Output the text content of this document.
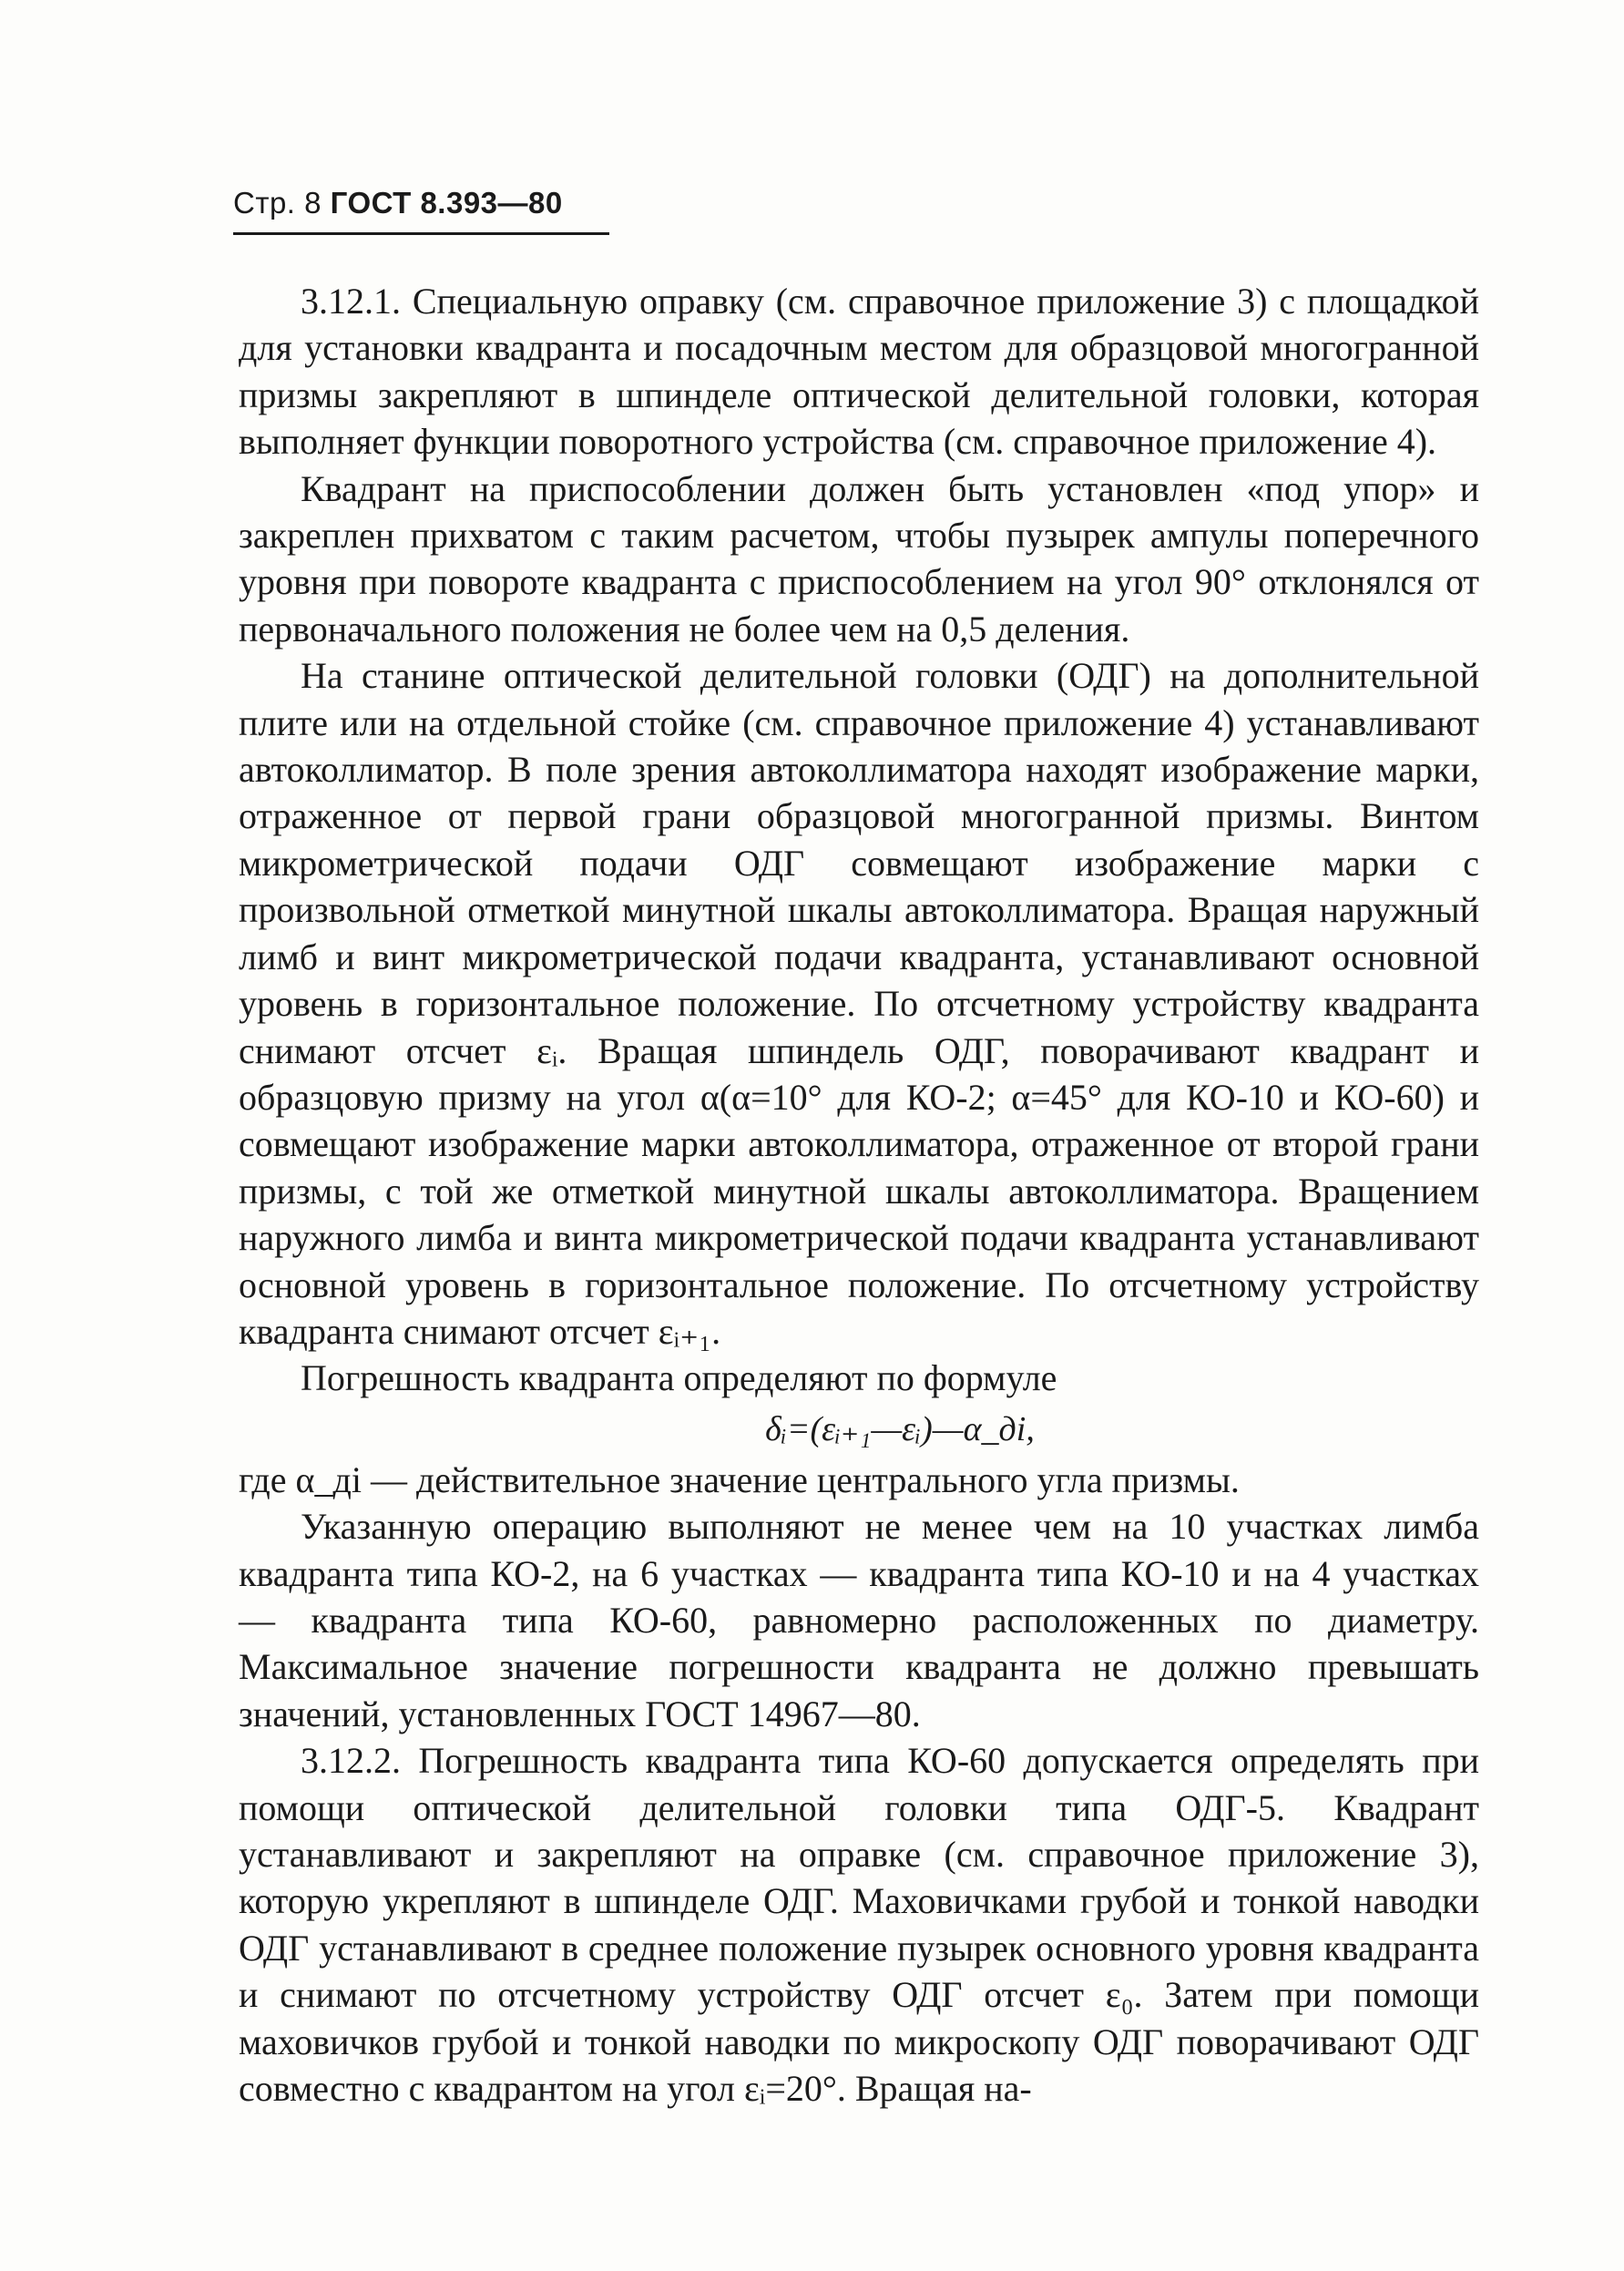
Стр. 8 ГОСТ 8.393—80

3.12.1. Специальную оправку (см. справочное приложение 3) с площадкой для установки квадранта и посадочным местом для образцовой многогранной призмы закрепляют в шпинделе оптической делительной головки, которая выполняет функции поворотного устройства (см. справочное приложение 4).

Квадрант на приспособлении должен быть установлен «под упор» и закреплен прихватом с таким расчетом, чтобы пузырек ампулы поперечного уровня при повороте квадранта с приспособлением на угол 90° отклонялся от первоначального положения не более чем на 0,5 деления.

На станине оптической делительной головки (ОДГ) на дополнительной плите или на отдельной стойке (см. справочное приложение 4) устанавливают автоколлиматор. В поле зрения автоколлиматора находят изображение марки, отраженное от первой грани образцовой многогранной призмы. Винтом микрометрической подачи ОДГ совмещают изображение марки с произвольной отметкой минутной шкалы автоколлиматора. Вращая наружный лимб и винт микрометрической подачи квадранта, устанавливают основной уровень в горизонтальное положение. По отсчетному устройству квадранта снимают отсчет εᵢ. Вращая шпиндель ОДГ, поворачивают квадрант и образцовую призму на угол α(α=10° для КО-2; α=45° для КО-10 и КО-60) и совмещают изображение марки автоколлиматора, отраженное от второй грани призмы, с той же отметкой минутной шкалы автоколлиматора. Вращением наружного лимба и винта микрометрической подачи квадранта устанавливают основной уровень в горизонтальное положение. По отсчетному устройству квадранта снимают отсчет εᵢ₊₁.

Погрешность квадранта определяют по формуле

δᵢ=(εᵢ₊₁—εᵢ)—α_дi,

где α_дi — действительное значение центрального угла призмы.

Указанную операцию выполняют не менее чем на 10 участках лимба квадранта типа КО-2, на 6 участках — квадранта типа КО-10 и на 4 участках — квадранта типа КО-60, равномерно расположенных по диаметру. Максимальное значение погрешности квадранта не должно превышать значений, установленных ГОСТ 14967—80.

3.12.2. Погрешность квадранта типа КО-60 допускается определять при помощи оптической делительной головки типа ОДГ-5. Квадрант устанавливают и закрепляют на оправке (см. справочное приложение 3), которую укрепляют в шпинделе ОДГ. Маховичками грубой и тонкой наводки ОДГ устанавливают в среднее положение пузырек основного уровня квадранта и снимают по отсчетному устройству ОДГ отсчет ε₀. Затем при помощи маховичков грубой и тонкой наводки по микроскопу ОДГ поворачивают ОДГ совместно с квадрантом на угол εᵢ=20°. Вращая на-
